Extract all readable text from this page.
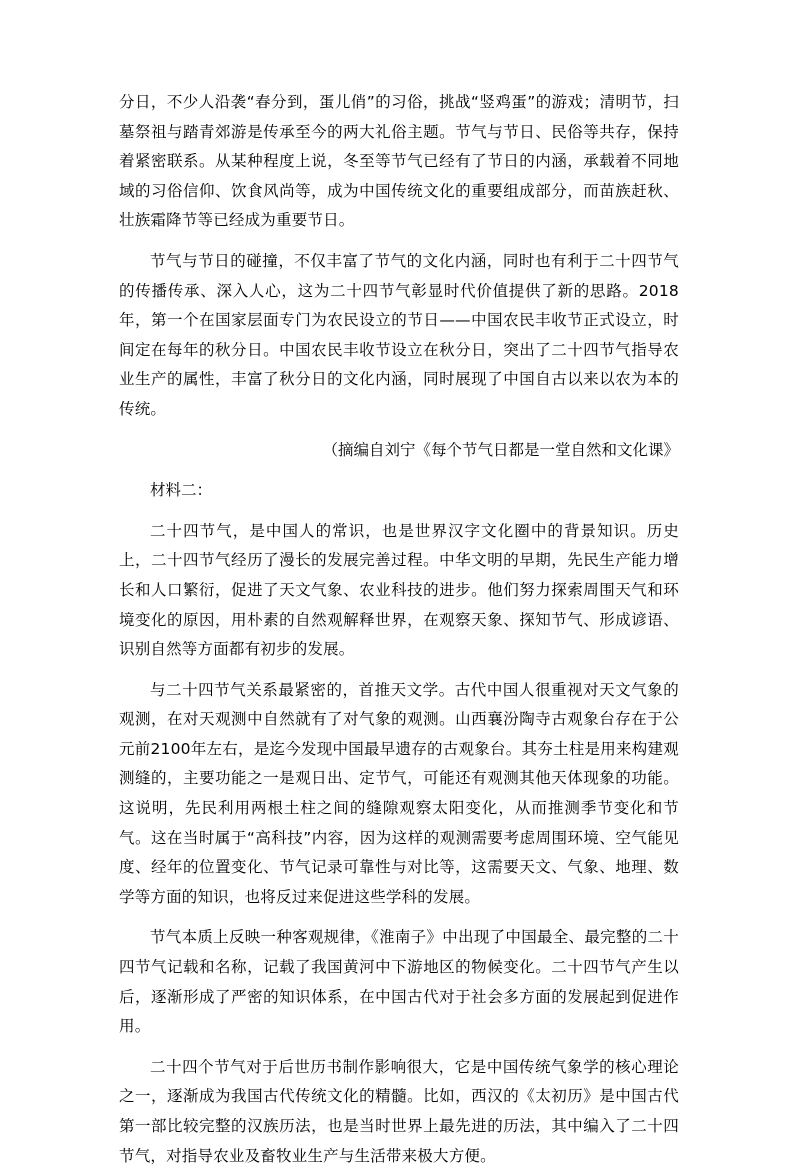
分日，不少人沿袭“春分到，蛋儿俏”的习俗，挑战“竖鸡蛋”的游戏；清明节，扫墓祭祖与踏青郊游是传承至今的两大礼俗主题。节气与节日、民俗等共存，保持着紧密联系。从某种程度上说，冬至等节气已经有了节日的内涵，承载着不同地域的习俗信仰、饮食风尚等，成为中国传统文化的重要组成部分，而苗族赶秋、壮族霜降节等已经成为重要节日。

节气与节日的碰撞，不仅丰富了节气的文化内涵，同时也有利于二十四节气的传播传承、深入人心，这为二十四节气彰显时代价值提供了新的思路。2018年，第一个在国家层面专门为农民设立的节日——中国农民丰收节正式设立，时间定在每年的秋分日。中国农民丰收节设立在秋分日，突出了二十四节气指导农业生产的属性，丰富了秋分日的文化内涵，同时展现了中国自古以来以农为本的传统。

（摘编自刘宁《每个节气日都是一堂自然和文化课》

材料二：

二十四节气，是中国人的常识，也是世界汉字文化圈中的背景知识。历史上，二十四节气经历了漫长的发展完善过程。中华文明的早期，先民生产能力增长和人口繁衍，促进了天文气象、农业科技的进步。他们努力探索周围天气和环境变化的原因，用朴素的自然观解释世界，在观察天象、探知节气、形成谚语、识别自然等方面都有初步的发展。

与二十四节气关系最紧密的，首推天文学。古代中国人很重视对天文气象的观测，在对天观测中自然就有了对气象的观测。山西襄汾陶寺古观象台存在于公元前2100年左右，是迄今发现中国最早遗存的古观象台。其夯土柱是用来构建观测缝的，主要功能之一是观日出、定节气，可能还有观测其他天体现象的功能。这说明，先民利用两根土柱之间的缝隙观察太阳变化，从而推测季节变化和节气。这在当时属于“高科技”内容，因为这样的观测需要考虑周围环境、空气能见度、经年的位置变化、节气记录可靠性与对比等，这需要天文、气象、地理、数学等方面的知识，也将反过来促进这些学科的发展。

节气本质上反映一种客观规律，《淮南子》中出现了中国最全、最完整的二十四节气记载和名称，记载了我国黄河中下游地区的物候变化。二十四节气产生以后，逐渐形成了严密的知识体系，在中国古代对于社会多方面的发展起到促进作用。

二十四个节气对于后世历书制作影响很大，它是中国传统气象学的核心理论之一，逐渐成为我国古代传统文化的精髓。比如，西汉的《太初历》是中国古代第一部比较完整的汉族历法，也是当时世界上最先进的历法，其中编入了二十四节气，对指导农业及畜牧业生产与生活带来极大方便。
